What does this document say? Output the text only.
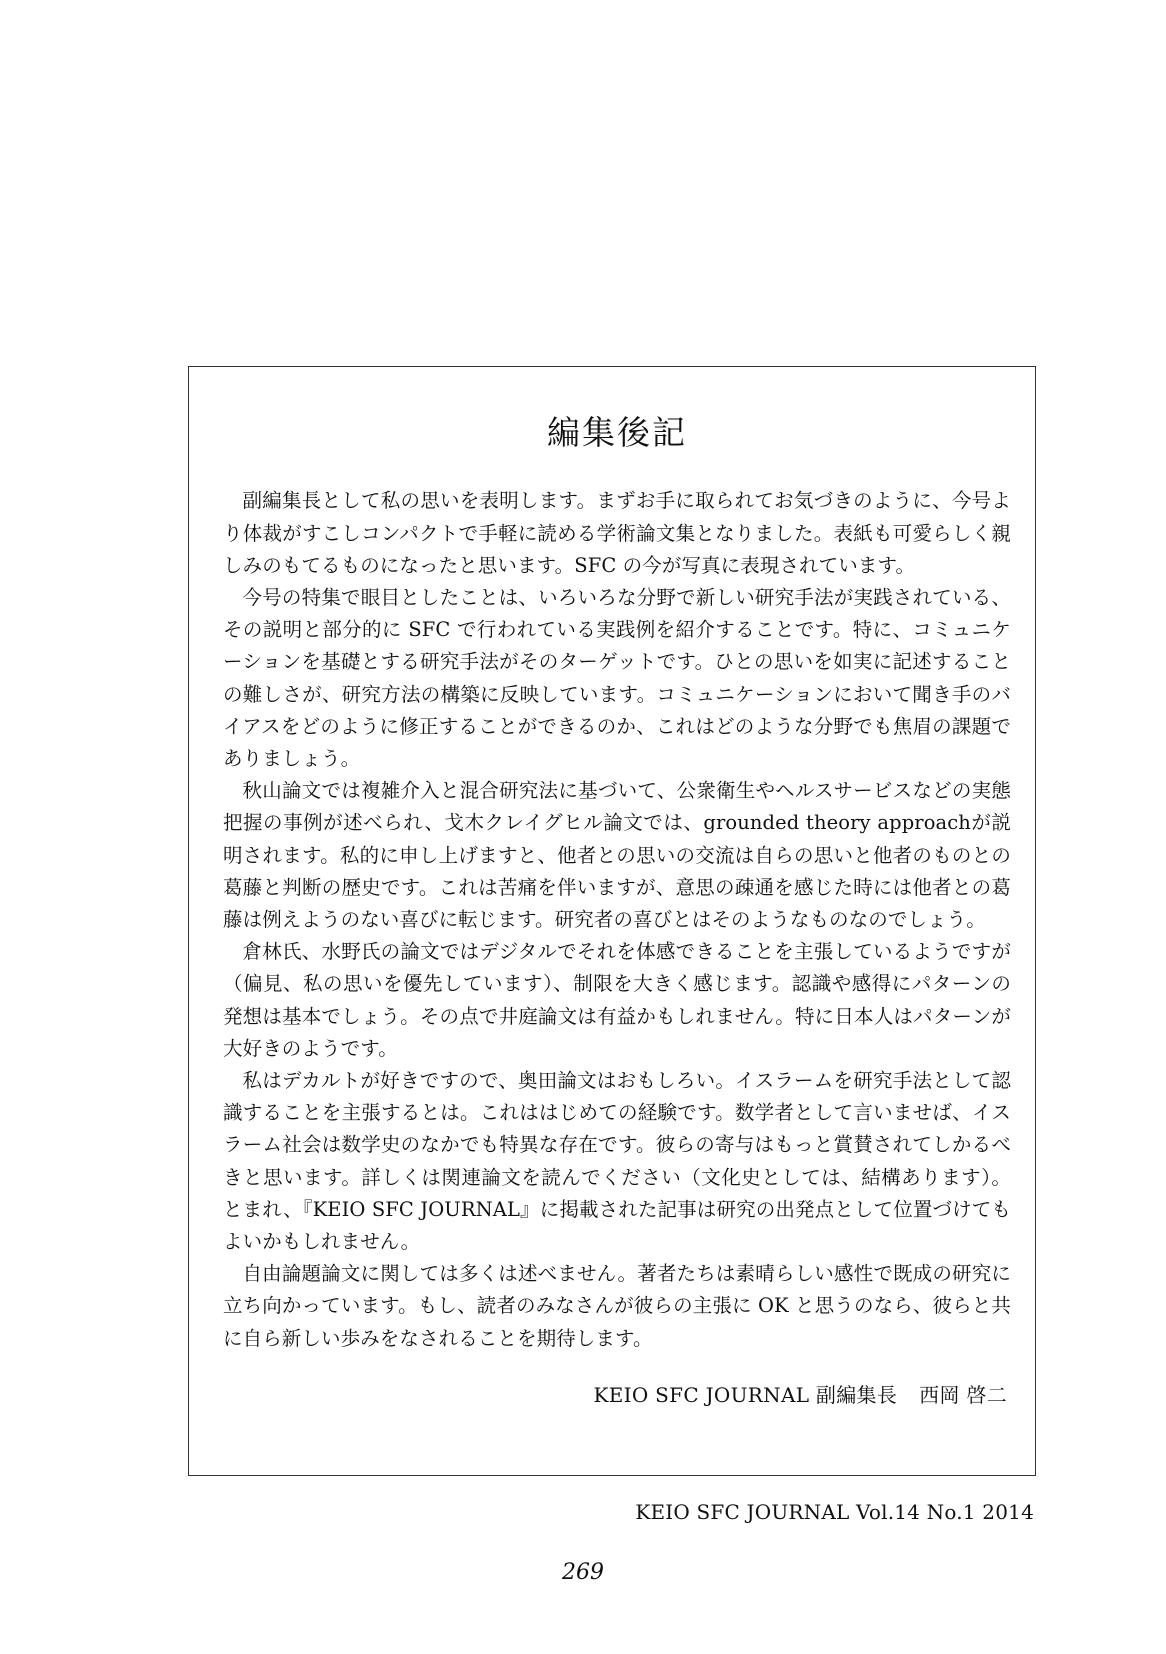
編集後記

副編集長として私の思いを表明します。まずお手に取られてお気づきのように、今号より体裁がすこしコンパクトで手軽に読める学術論文集となりました。表紙も可愛らしく親しみのもてるものになったと思います。SFC の今が写真に表現されています。

今号の特集で眼目としたことは、いろいろな分野で新しい研究手法が実践されている、その説明と部分的に SFC で行われている実践例を紹介することです。特に、コミュニケーションを基礎とする研究手法がそのターゲットです。ひとの思いを如実に記述することの難しさが、研究方法の構築に反映しています。コミュニケーションにおいて聞き手のバイアスをどのように修正することができるのか、これはどのような分野でも焦眉の課題でありましょう。

秋山論文では複雑介入と混合研究法に基づいて、公衆衛生やヘルスサービスなどの実態把握の事例が述べられ、戈木クレイグヒル論文では、grounded theory approachが説明されます。私的に申し上げますと、他者との思いの交流は自らの思いと他者のものとの葛藤と判断の歴史です。これは苦痛を伴いますが、意思の疎通を感じた時には他者との葛藤は例えようのない喜びに転じます。研究者の喜びとはそのようなものなのでしょう。

倉林氏、水野氏の論文ではデジタルでそれを体感できることを主張しているようですが（偏見、私の思いを優先しています）、制限を大きく感じます。認識や感得にパターンの発想は基本でしょう。その点で井庭論文は有益かもしれません。特に日本人はパターンが大好きのようです。

私はデカルトが好きですので、奥田論文はおもしろい。イスラームを研究手法として認識することを主張するとは。これははじめての経験です。数学者として言いませば、イスラーム社会は数学史のなかでも特異な存在です。彼らの寄与はもっと賞賛されてしかるべきと思います。詳しくは関連論文を読んでください（文化史としては、結構あります）。とまれ、『KEIO SFC JOURNAL』に掲載された記事は研究の出発点として位置づけてもよいかもしれません。

自由論題論文に関しては多くは述べません。著者たちは素晴らしい感性で既成の研究に立ち向かっています。もし、読者のみなさんが彼らの主張に OK と思うのなら、彼らと共に自ら新しい歩みをなされることを期待します。

KEIO SFC JOURNAL 副編集長 西岡 啓二
KEIO SFC JOURNAL Vol.14 No.1 2014
269
